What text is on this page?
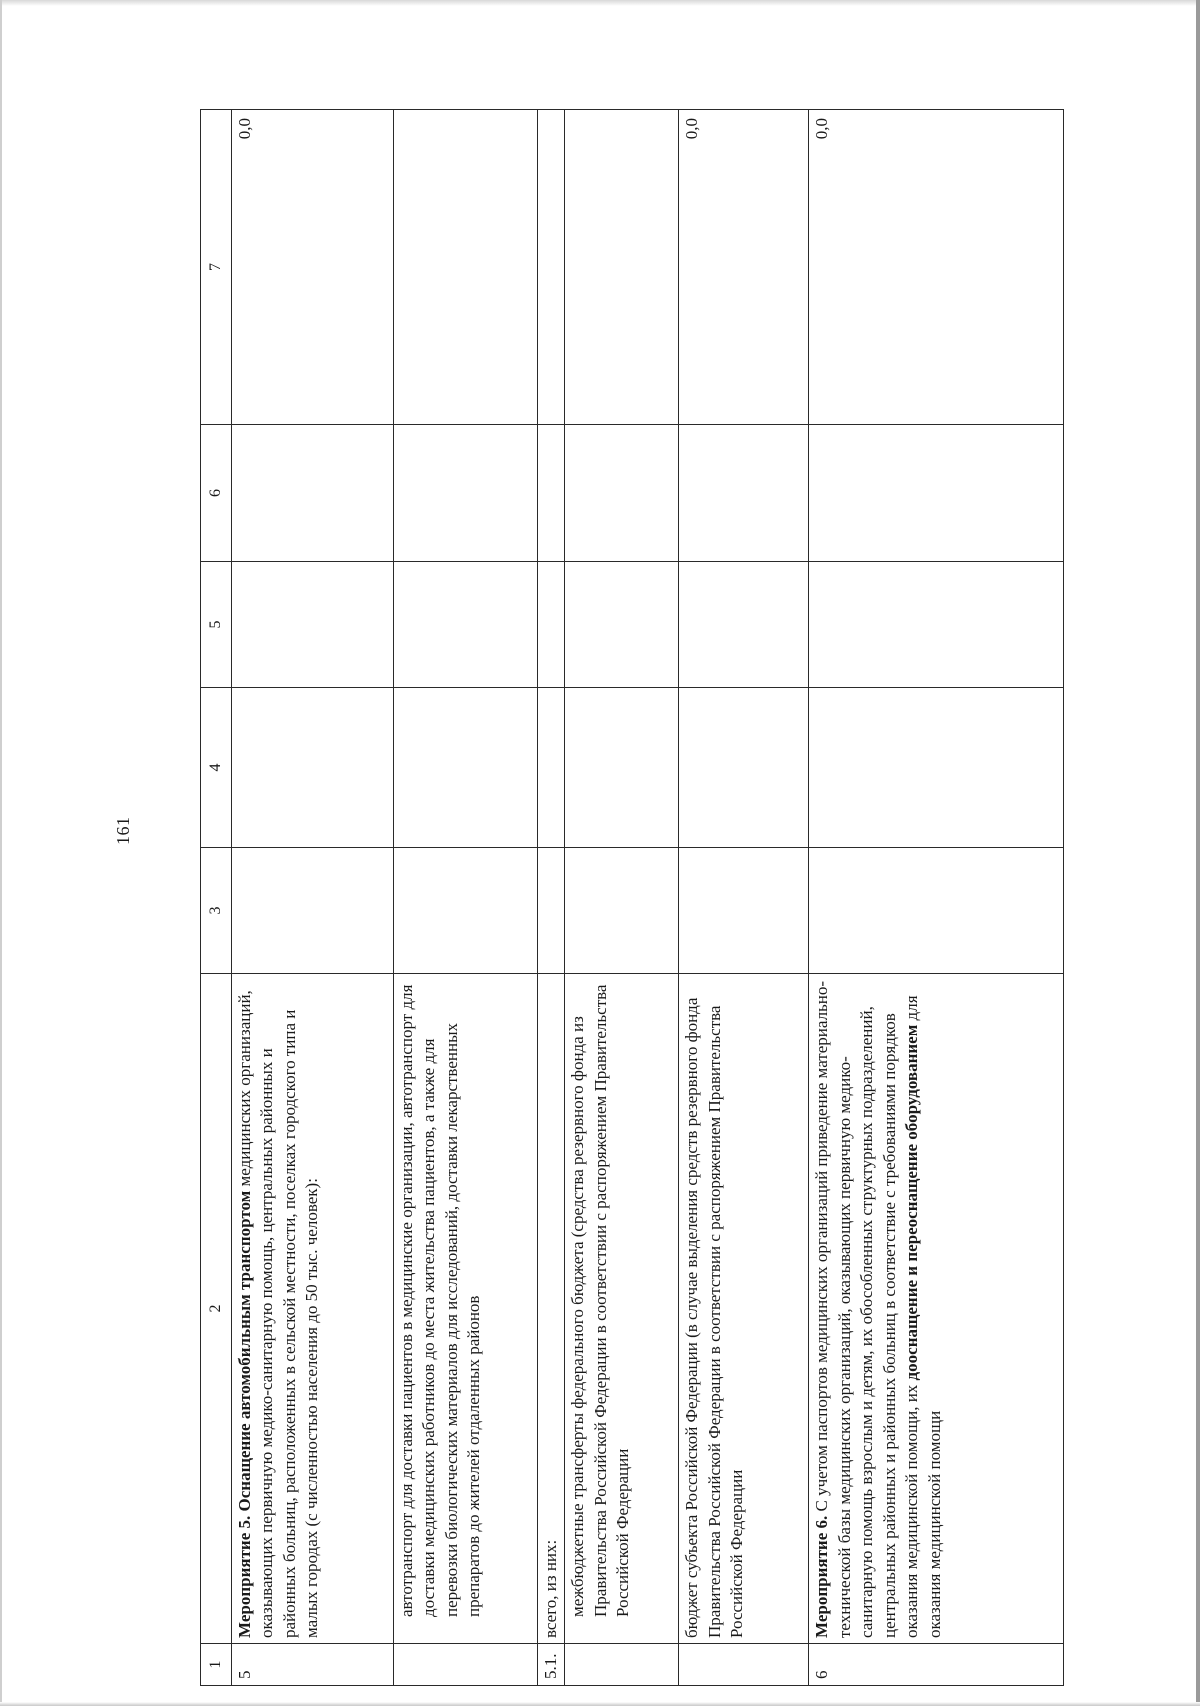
161
1	2	3	4	5	6	7
5	Мероприятие 5. Оснащение автомобильным транспортом медицинских организаций, оказывающих первичную медико-санитарную помощь, центральных районных и районных больниц, расположенных в сельской местности, поселках городского типа и малых городах (с численностью населения до 50 тыс. человек):					0,0
	автотранспорт для доставки пациентов в медицинские организации, автотранспорт для доставки медицинских работников до места жительства пациентов, а также для перевозки биологических материалов для исследований, доставки лекарственных препаратов до жителей отдаленных районов					
5.1.	всего, из них:					
	межбюджетные трансферты федерального бюджета (средства резервного фонда из Правительства Российской Федерации в соответствии с распоряжением Правительства Российской Федерации					
	бюджет субъекта Российской Федерации (в случае выделения средств резервного фонда Правительства Российской Федерации в соответствии с распоряжением Правительства Российской Федерации					0,0
6	Мероприятие 6. С учетом паспортов медицинских организаций приведение материально-технической базы медицинских организаций, оказывающих первичную медико-санитарную помощь взрослым и детям, их обособленных структурных подразделений, центральных районных и районных больниц в соответствие с требованиями порядков оказания медицинской помощи, их дооснащение и переоснащение оборудованием для оказания медицинской помощи					0,0
